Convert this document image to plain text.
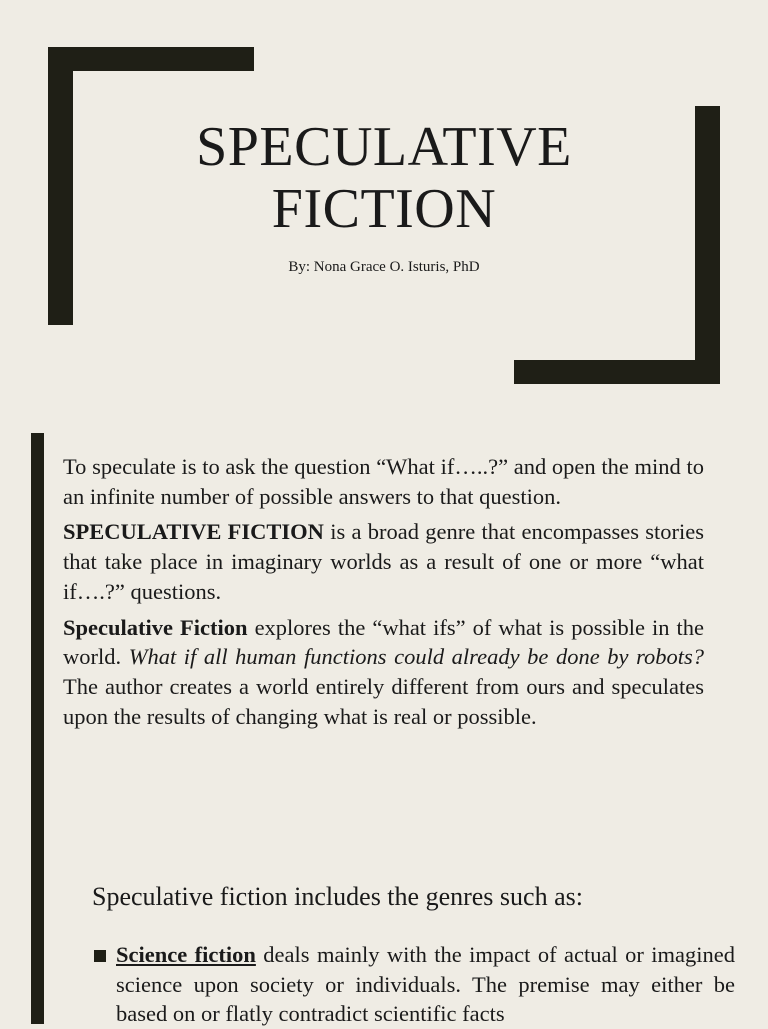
SPECULATIVE
FICTION
By: Nona Grace O. Isturis, PhD

To speculate is to ask the question “What if…..?” and open the mind to an infinite number of possible answers to that question.

SPECULATIVE FICTION is a broad genre that encompasses stories that take place in imaginary worlds as a result of one or more “what if….?” questions.

Speculative Fiction explores the “what ifs” of what is possible in the world. What if all human functions could already be done by robots? The author creates a world entirely different from ours and speculates upon the results of changing what is real or possible.

Speculative fiction includes the genres such as:
Science fiction deals mainly with the impact of actual or imagined science upon society or individuals. The premise may either be based on or flatly contradict scientific facts
